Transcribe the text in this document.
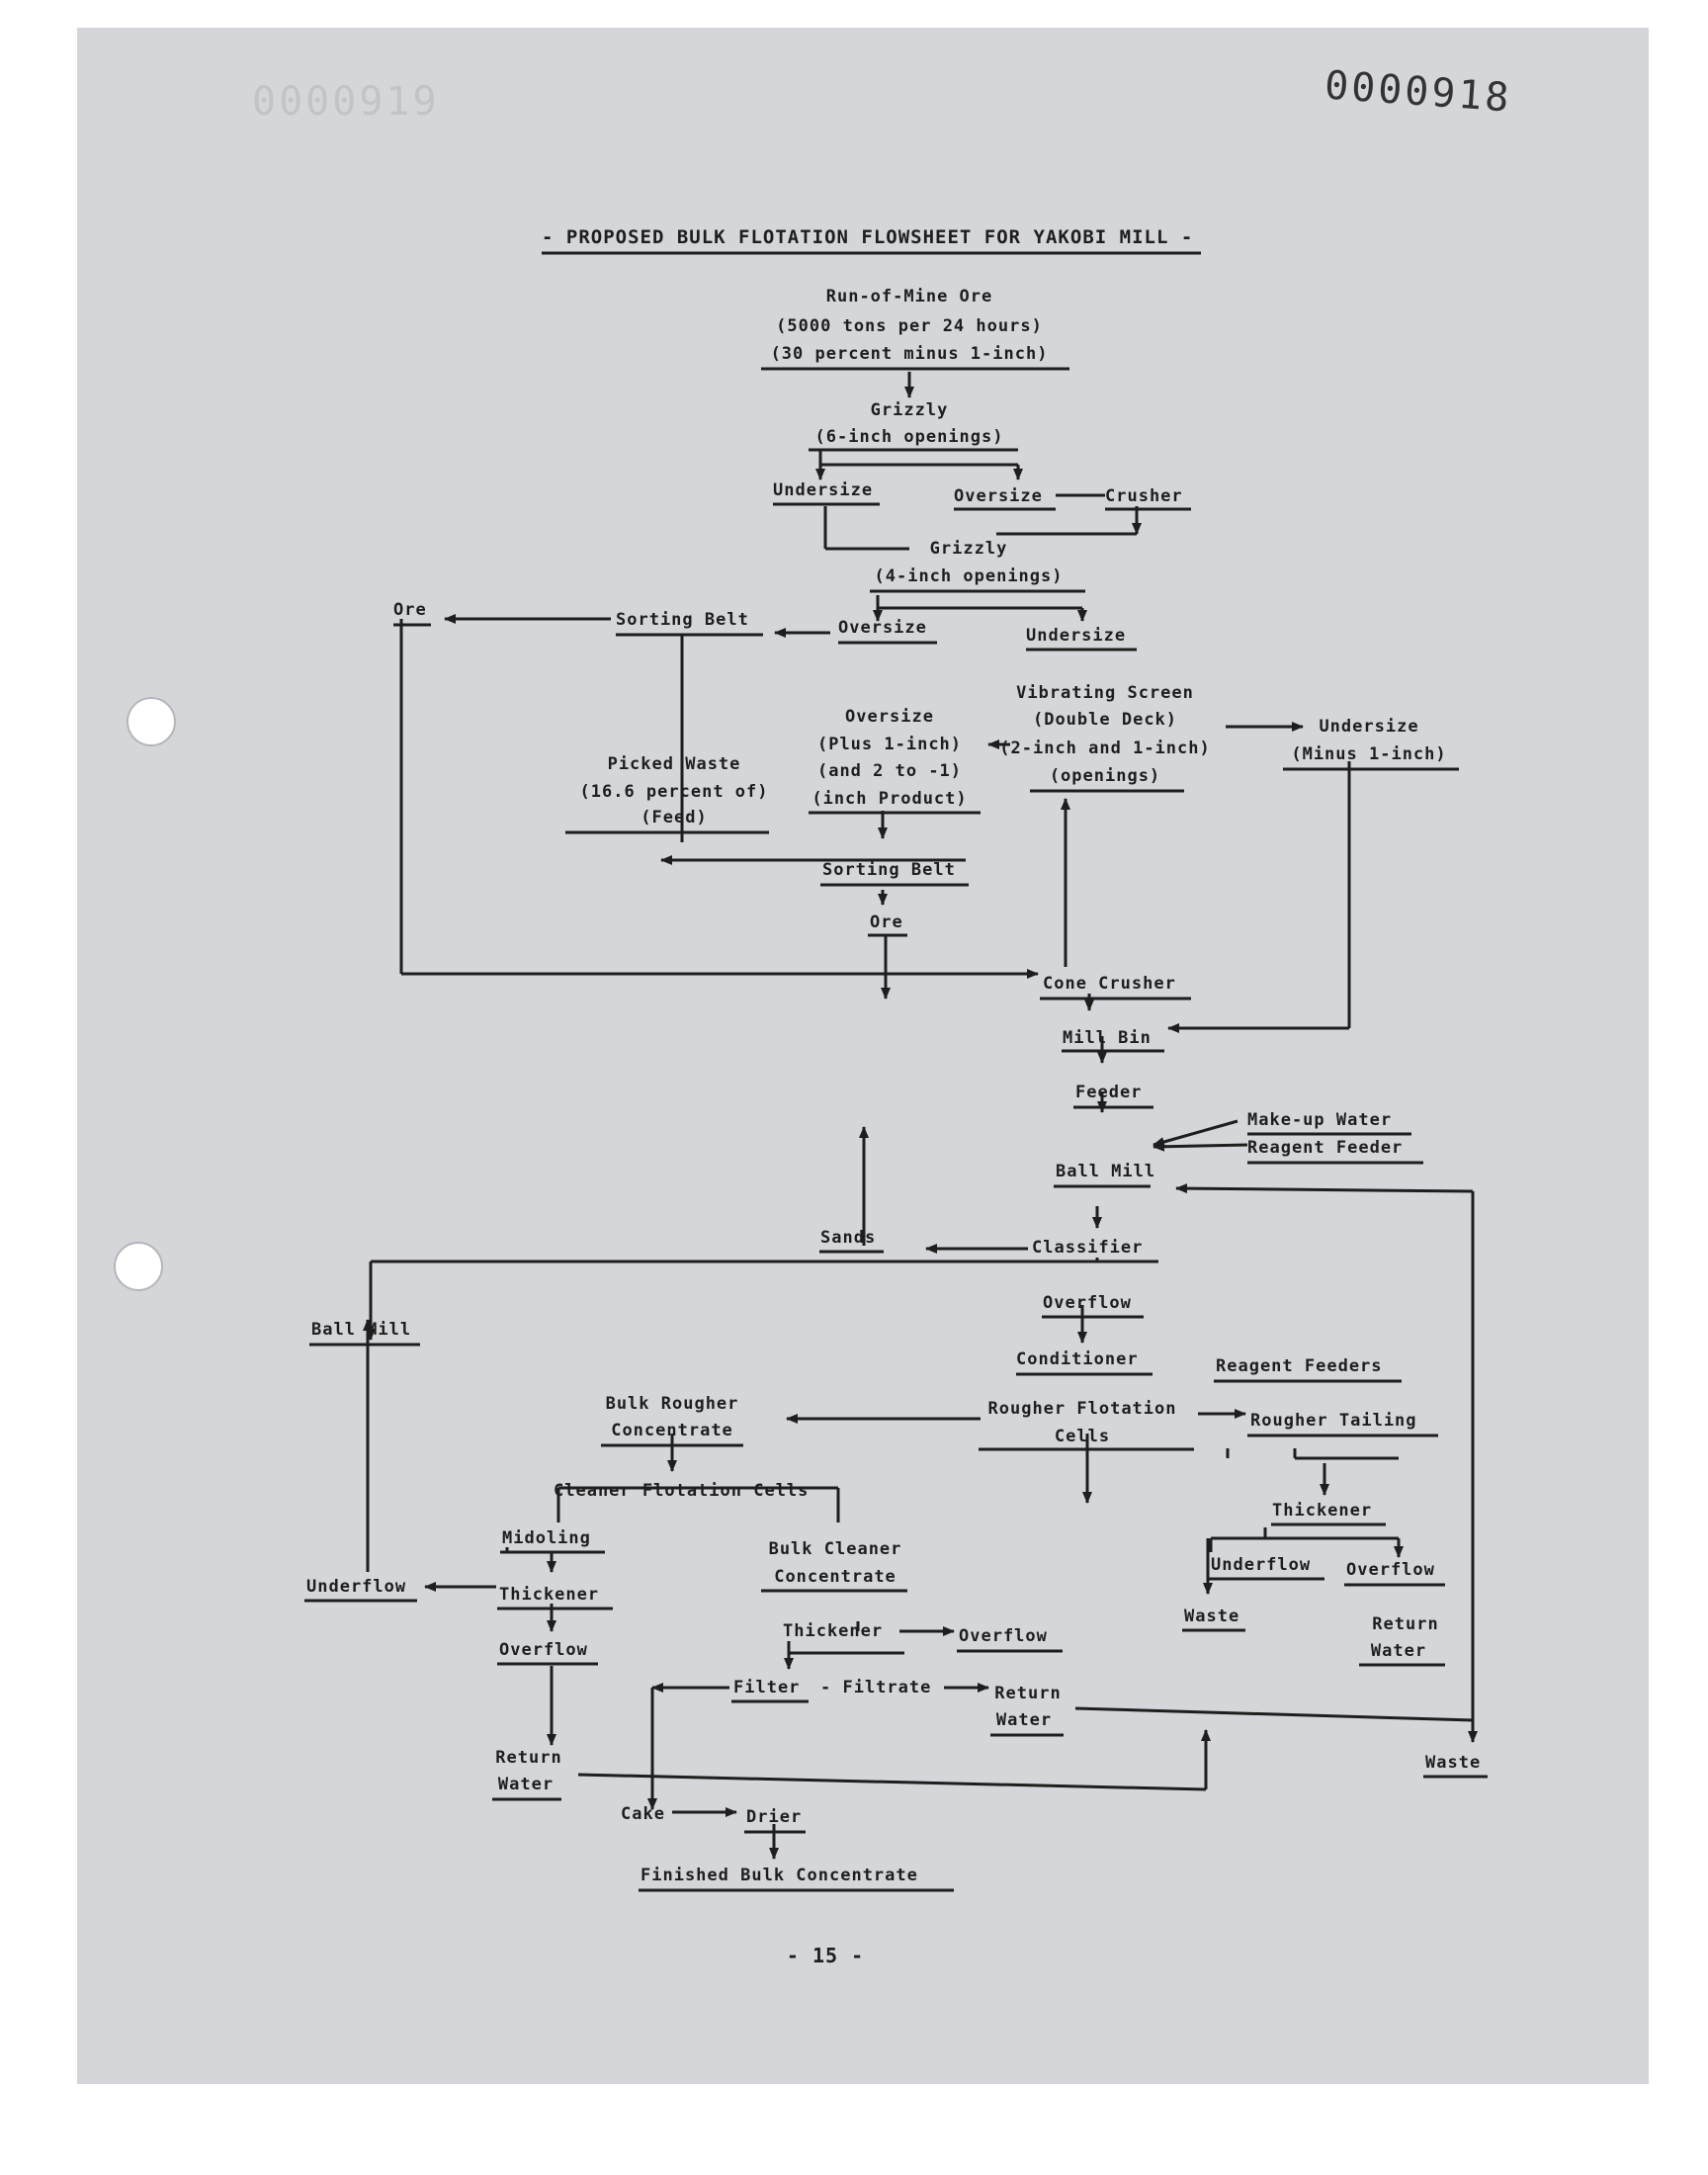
0000919	0000918
- PROPOSED BULK FLOTATION FLOWSHEET FOR YAKOBI MILL -
Run-of-Mine Ore
(5000 tons per 24 hours)
(30 percent minus 1-inch)
Grizzly
(6-inch openings)
Undersize	Oversize	Crusher
Grizzly
(4-inch openings)
Ore	Sorting Belt	Oversize	Undersize
Vibrating Screen
(Double Deck)
(2-inch and 1-inch)
(openings)
Undersize
(Minus 1-inch)
Oversize
(Plus 1-inch)
(and 2 to -1)
(inch Product)
Picked Waste
(16.6 percent of)
(Feed)
Sorting Belt
Ore
Cone Crusher
Mill Bin
Feeder
Make-up Water
Reagent Feeder
Ball Mill
Sands	Classifier
Overflow
Ball Mill
Conditioner	Reagent Feeders
Bulk Rougher
Concentrate
Rougher Flotation
Cells
Rougher Tailing
Cleaner Flotation Cells
Thickener
Midoling
Bulk Cleaner
Concentrate
Underflow Overflow
Underflow	Thickener
Waste	Return
Water
Thickener	Overflow
Overflow
Filter - Filtrate	Return
Water
Return
Water
Waste
Cake	Drier
Finished Bulk Concentrate
- 15 -
